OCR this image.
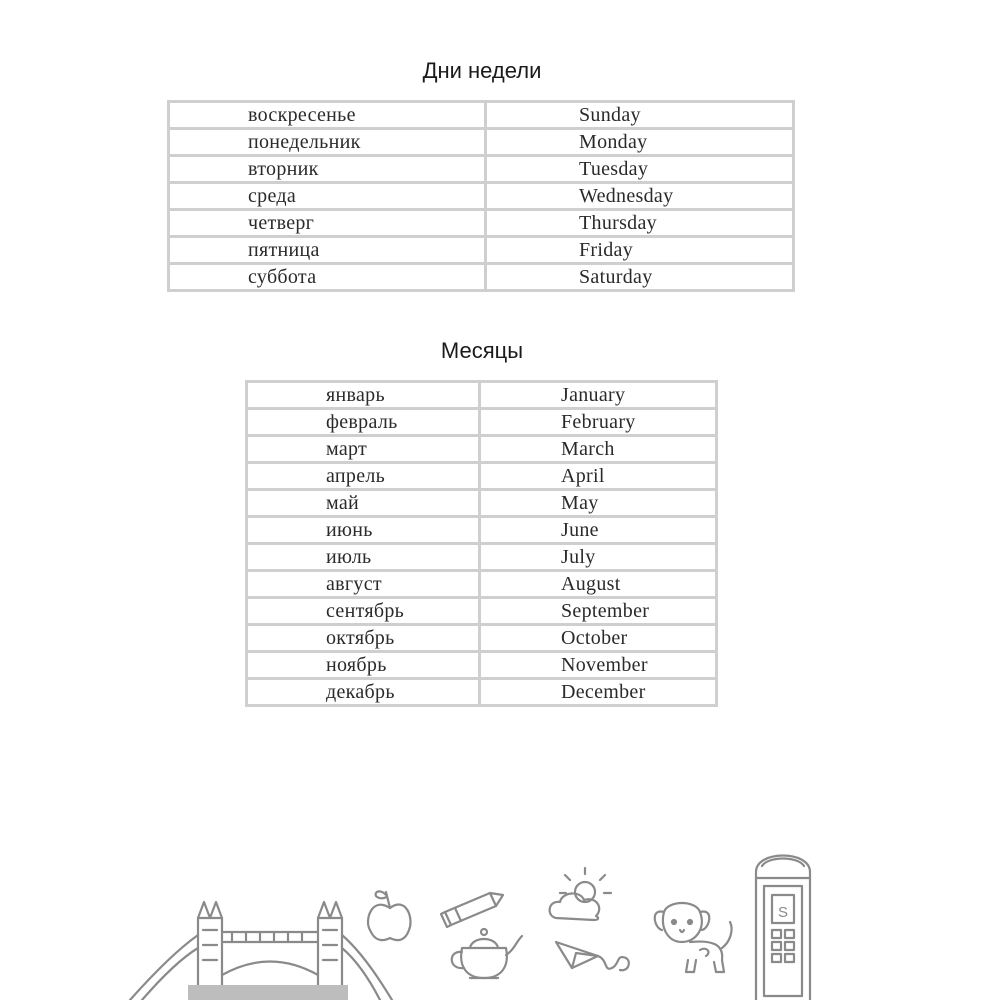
Дни недели
воскресенье	Sunday
понедельник	Monday
вторник	Tuesday
среда	Wednesday
четверг	Thursday
пятница	Friday
суббота	Saturday
Месяцы
январь	January
февраль	February
март	March
апрель	April
май	May
июнь	June
июль	July
август	August
сентябрь	September
октябрь	October
ноябрь	November
декабрь	December
S
